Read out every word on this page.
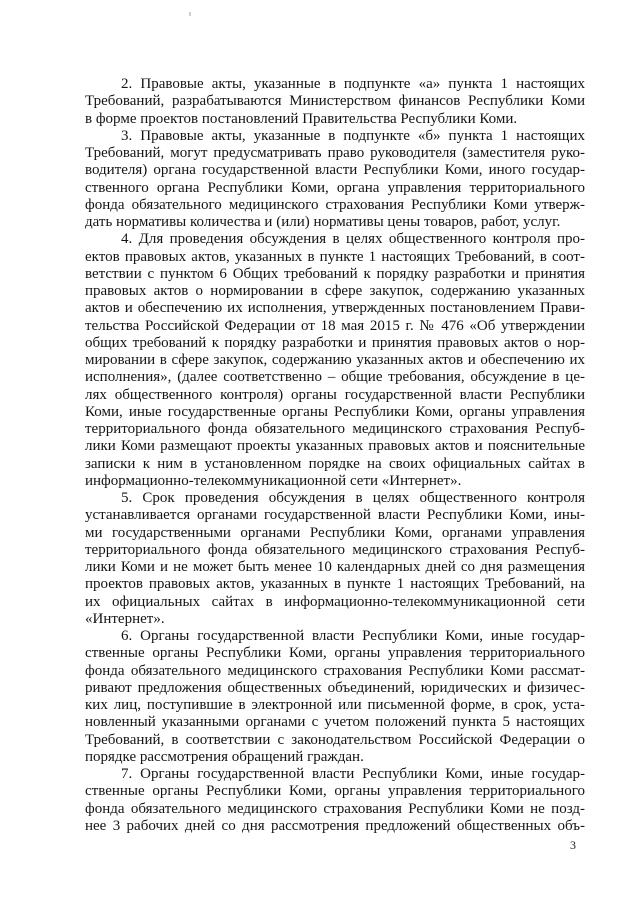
2. Правовые акты, указанные в подпункте «а» пункта 1 настоящих
Требований, разрабатываются Министерством финансов Республики Коми
в форме проектов постановлений Правительства Республики Коми.
3. Правовые акты, указанные в подпункте «б» пункта 1 настоящих
Требований, могут предусматривать право руководителя (заместителя руко-
водителя) органа государственной власти Республики Коми, иного государ-
ственного органа Республики Коми, органа управления территориального
фонда обязательного медицинского страхования Республики Коми утверж-
дать нормативы количества и (или) нормативы цены товаров, работ, услуг.
4. Для проведения обсуждения в целях общественного контроля про-
ектов правовых актов, указанных в пункте 1 настоящих Требований, в соот-
ветствии с пунктом 6 Общих требований к порядку разработки и принятия
правовых актов о нормировании в сфере закупок, содержанию указанных
актов и обеспечению их исполнения, утвержденных постановлением Прави-
тельства Российской Федерации от 18 мая 2015 г. № 476 «Об утверждении
общих требований к порядку разработки и принятия правовых актов о нор-
мировании в сфере закупок, содержанию указанных актов и обеспечению их
исполнения», (далее соответственно – общие требования, обсуждение в це-
лях общественного контроля) органы государственной власти Республики
Коми, иные государственные органы Республики Коми, органы управления
территориального фонда обязательного медицинского страхования Респуб-
лики Коми размещают проекты указанных правовых актов и пояснительные
записки к ним в установленном порядке на своих официальных сайтах в
информационно-телекоммуникационной сети «Интернет».
5. Срок проведения обсуждения в целях общественного контроля
устанавливается органами государственной власти Республики Коми, ины-
ми государственными органами Республики Коми, органами управления
территориального фонда обязательного медицинского страхования Респуб-
лики Коми и не может быть менее 10 календарных дней со дня размещения
проектов правовых актов, указанных в пункте 1 настоящих Требований, на
их официальных сайтах в информационно-телекоммуникационной сети
«Интернет».
6. Органы государственной власти Республики Коми, иные государ-
ственные органы Республики Коми, органы управления территориального
фонда обязательного медицинского страхования Республики Коми рассмат-
ривают предложения общественных объединений, юридических и физичес-
ких лиц, поступившие в электронной или письменной форме, в срок, уста-
новленный указанными органами с учетом положений пункта 5 настоящих
Требований, в соответствии с законодательством Российской Федерации о
порядке рассмотрения обращений граждан.
7. Органы государственной власти Республики Коми, иные государ-
ственные органы Республики Коми, органы управления территориального
фонда обязательного медицинского страхования Республики Коми не позд-
нее 3 рабочих дней со дня рассмотрения предложений общественных объ-
3
